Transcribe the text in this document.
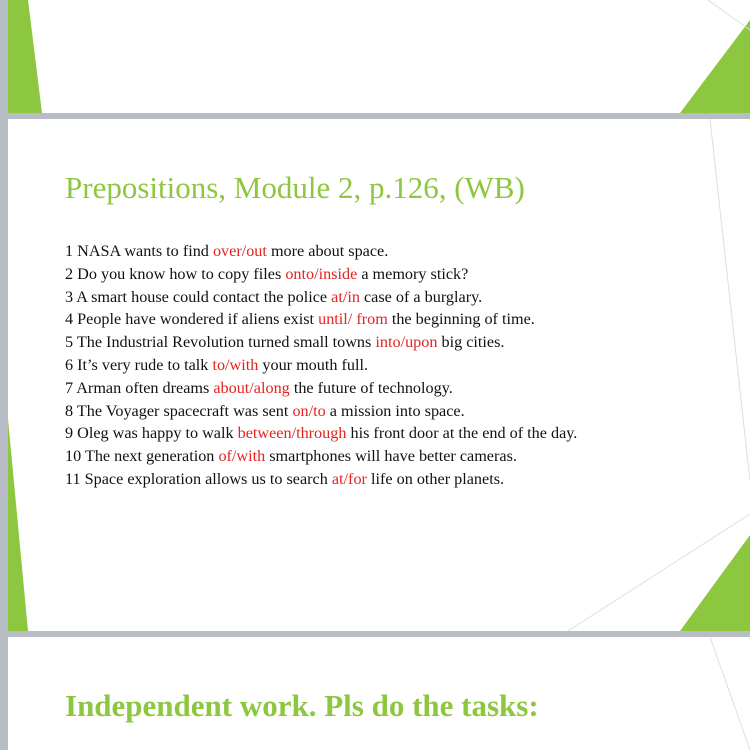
Prepositions, Module 2, p.126, (WB)
1 NASA wants to find over/out more about space.
2 Do you know how to copy files onto/inside a memory stick?
3 A smart house could contact the police at/in case of a burglary.
4 People have wondered if aliens exist until/ from the beginning of time.
5 The Industrial Revolution turned small towns into/upon big cities.
6 It’s very rude to talk to/with your mouth full.
7 Arman often dreams about/along the future of technology.
8 The Voyager spacecraft was sent on/to a mission into space.
9 Oleg was happy to walk between/through his front door at the end of the day.
10 The next generation of/with smartphones will have better cameras.
11 Space exploration allows us to search at/for life on other planets.
Independent work. Pls do the tasks:
